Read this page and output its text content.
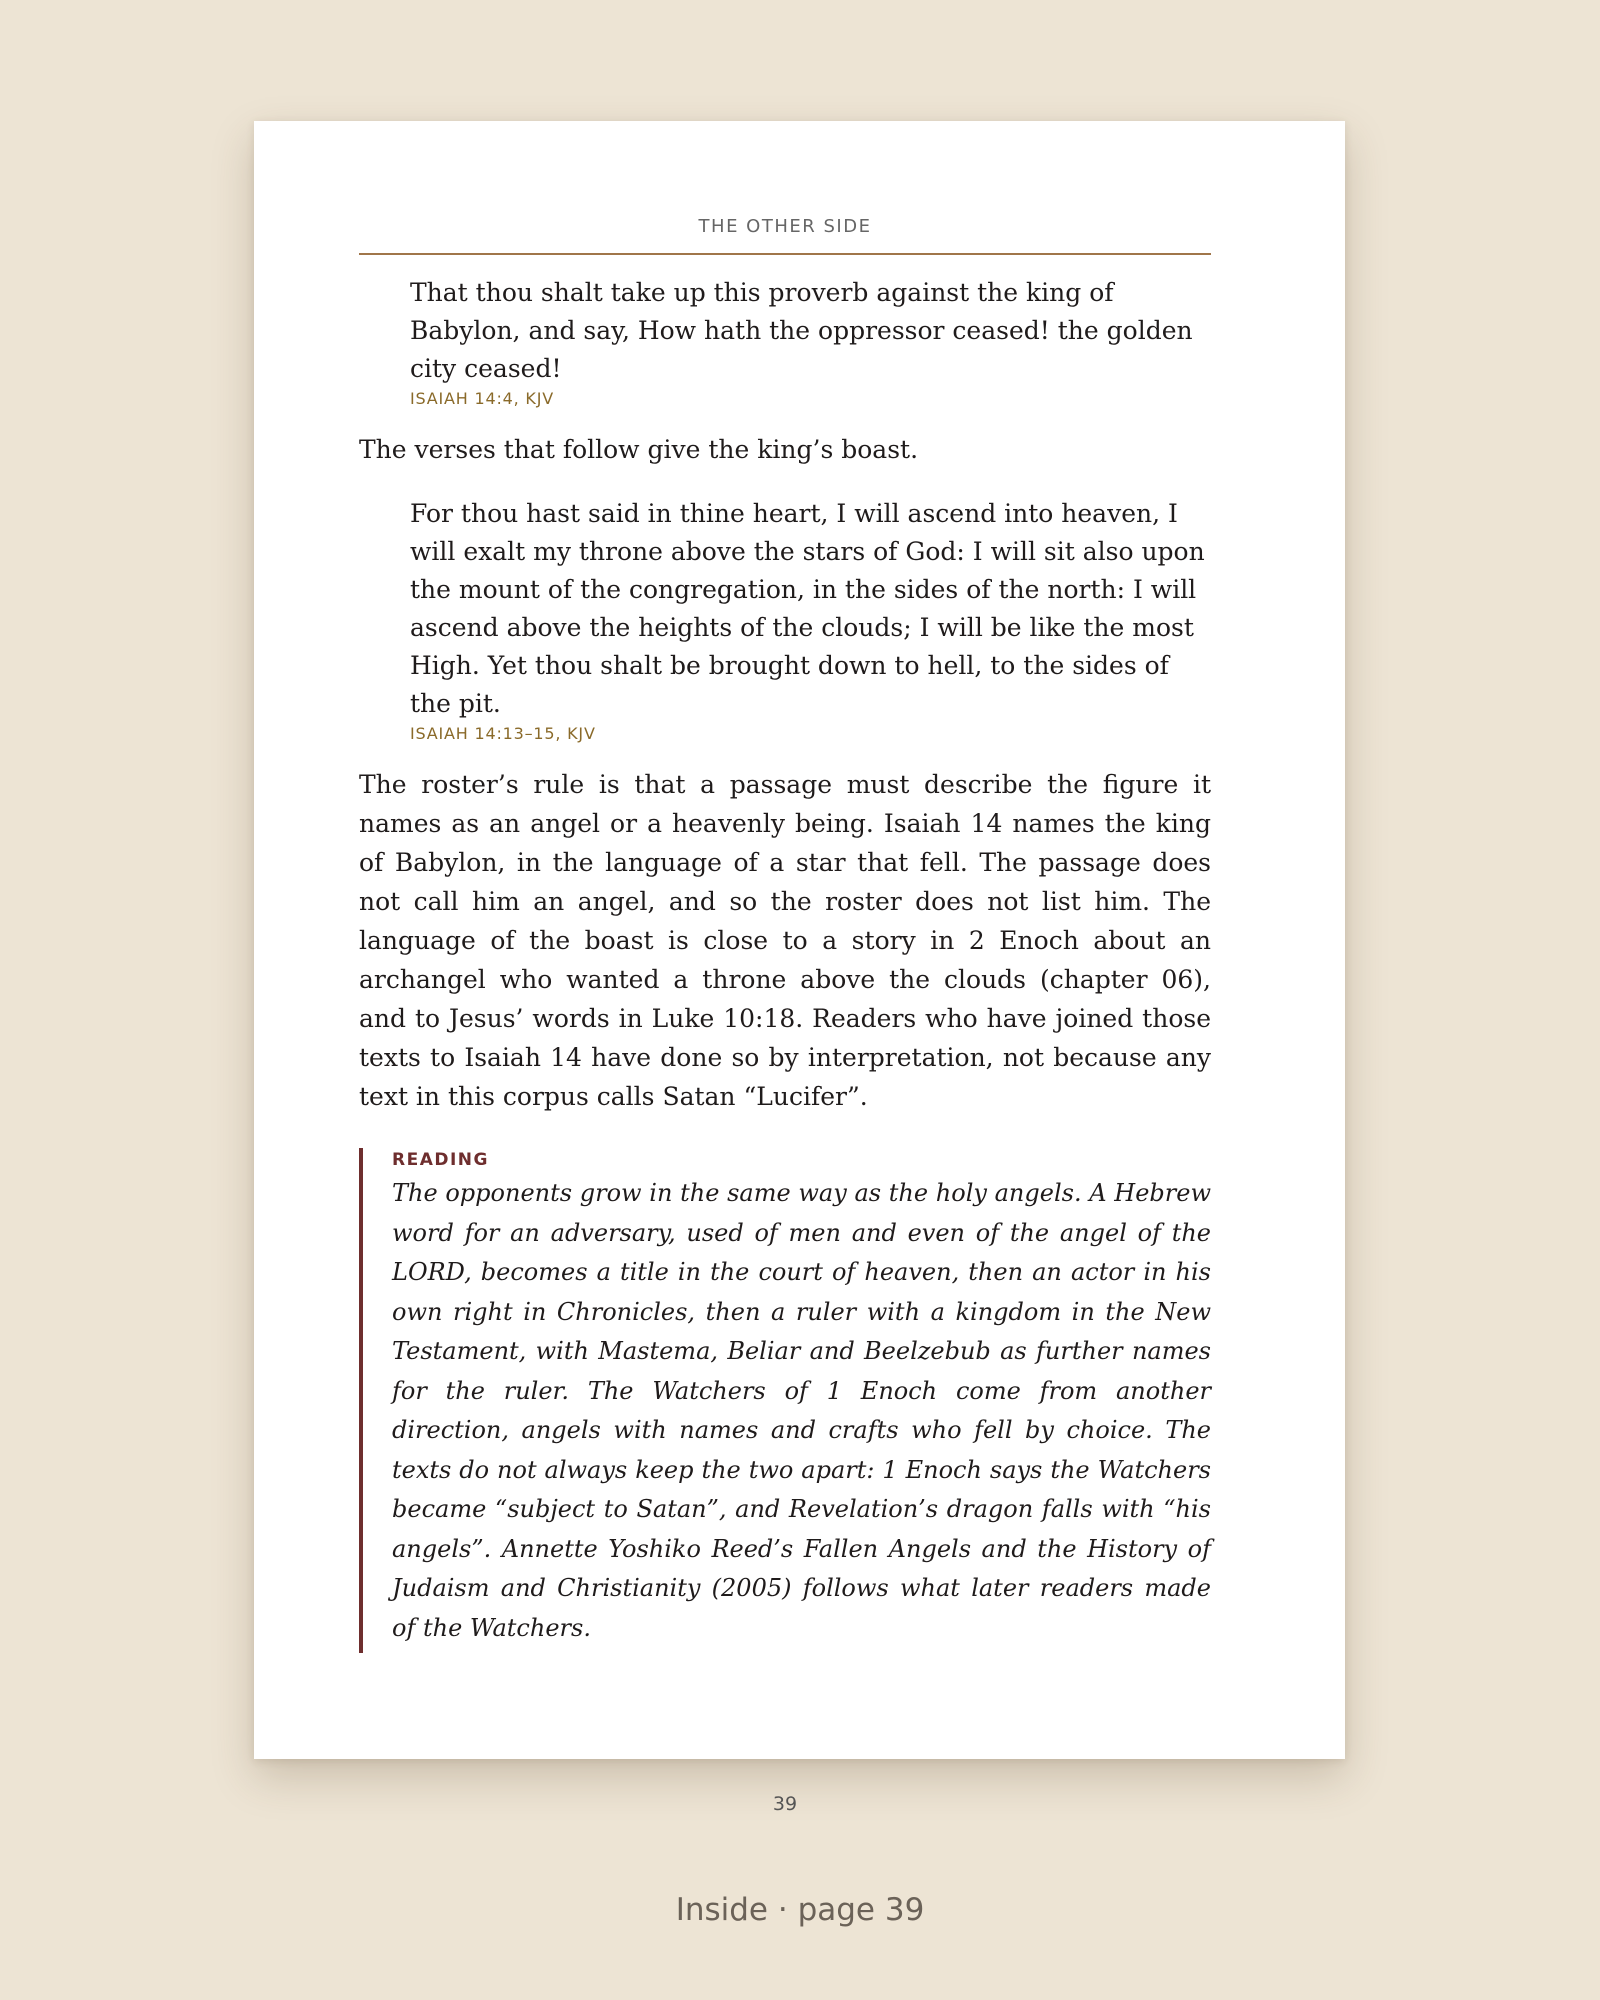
THE OTHER SIDE

That thou shalt take up this proverb against the king of Babylon, and say, How hath the oppressor ceased! the golden city ceased!

ISAIAH 14:4, KJV

The verses that follow give the king’s boast.

For thou hast said in thine heart, I will ascend into heaven, I will exalt my throne above the stars of God: I will sit also upon the mount of the congregation, in the sides of the north: I will ascend above the heights of the clouds; I will be like the most High. Yet thou shalt be brought down to hell, to the sides of the pit.

ISAIAH 14:13–15, KJV

The roster’s rule is that a passage must describe the figure it names as an angel or a heavenly being. Isaiah 14 names the king of Babylon, in the language of a star that fell. The passage does not call him an angel, and so the roster does not list him. The language of the boast is close to a story in 2 Enoch about an archangel who wanted a throne above the clouds (chapter 06), and to Jesus’ words in Luke 10:18. Readers who have joined those texts to Isaiah 14 have done so by interpretation, not because any text in this corpus calls Satan “Lucifer”.

READING

The opponents grow in the same way as the holy angels. A Hebrew word for an adversary, used of men and even of the angel of the LORD, becomes a title in the court of heaven, then an actor in his own right in Chronicles, then a ruler with a kingdom in the New Testament, with Mastema, Beliar and Beelzebub as further names for the ruler. The Watchers of 1 Enoch come from another direction, angels with names and crafts who fell by choice. The texts do not always keep the two apart: 1 Enoch says the Watchers became “subject to Satan”, and Revelation’s dragon falls with “his angels”. Annette Yoshiko Reed’s Fallen Angels and the History of Judaism and Christianity (2005) follows what later readers made of the Watchers.

39
Inside · page 39
